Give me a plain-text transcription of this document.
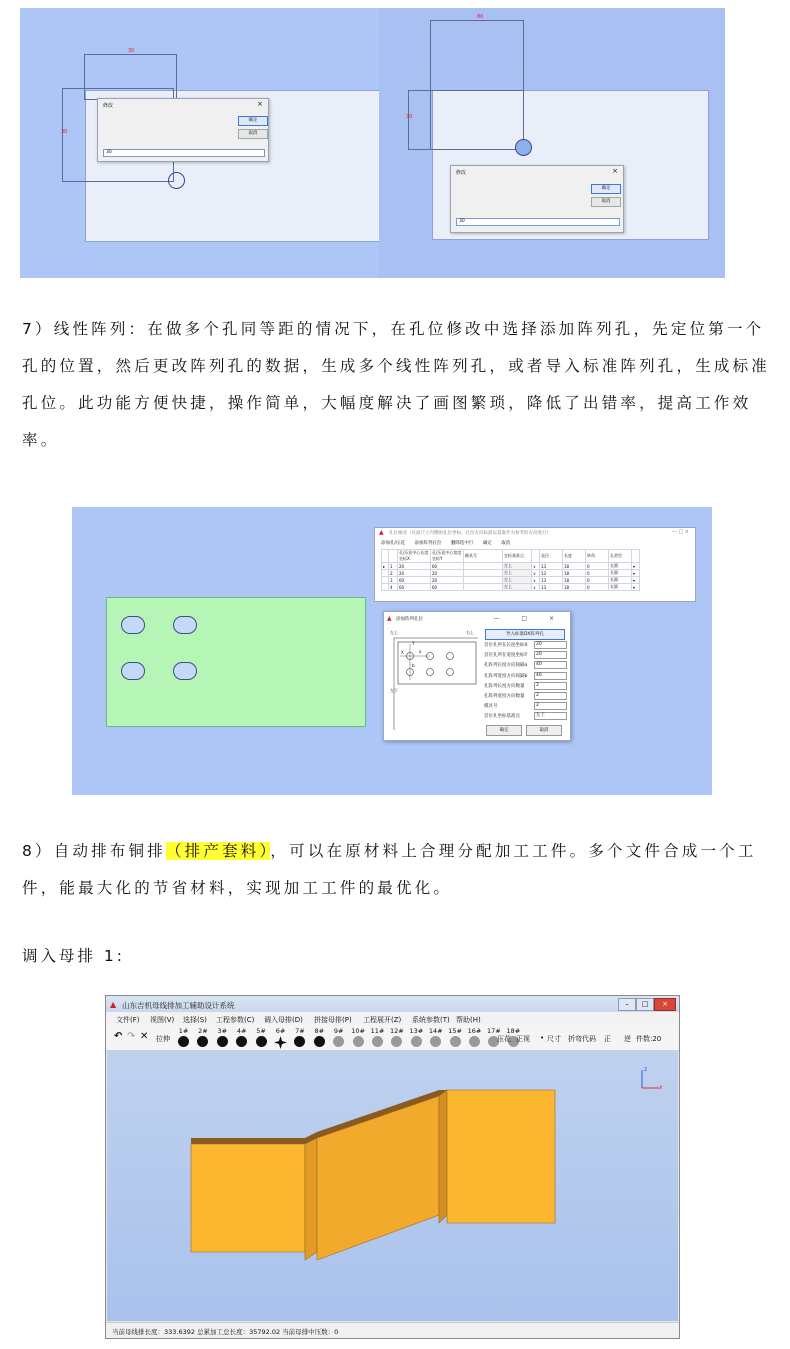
30
30
修改	×
确定
取消
30
80
30
修改	×
确定
取消
30
7）线性阵列：在做多个孔同等距的情况下，在孔位修改中选择添加阵列孔，先定位第一个孔的位置，然后更改阵列孔的数据，生成多个线性阵列孔，或者导入标准阵列孔，生成标准孔位。此功能方便快捷，操作简单，大幅度解决了画图繁琐，降低了出错率，提高工作效率。
▲ 孔位修改（页面尺寸内侧的孔位坐标，孔位方向标准以基准作为参考的方向进行）	— □ ×
添加孔/压花 添加阵列孔位 删除选中行 确定 取消
		孔/压花中心长度坐标X	孔/压花中心宽度坐标Y	模具号	坐标基准点		直径	长度	转角	孔类型	
▸	1	20	60		左上	∨	13	18	0	长圆	▾
	2	20	20		左上	∨	13	18	0	长圆	▾
	3	60	20		左上	∨	13	18	0	长圆	▾
	4	60	60		左上	∨	13	18	0	长圆	▾
▲ 添加阵列孔位	— □ ×
左上	右上
左下
Y
a
b
X
导入标准DX阵列孔
首位孔所在长度坐标X	20
首位孔所在宽度坐标Y	20
孔阵列长度方向间隔a	40
孔阵列宽度方向间隔b	40
孔阵列长度方向数量	2
孔阵列宽度方向数量	2
模具号	2
首位孔坐标基准点	左上
确定	取消
8）自动排布铜排（排产套料），可以在原材料上合理分配加工工件。多个文件合成一个工件，能最大化的节省材料，实现加工工件的最优化。
调入母排 1:
▲ 山东吉机母线排加工辅助设计系统	–	□	×
文件(F) 视图(V) 选择(S) 工程参数(C) 调入母排(D) 拼接母排(P) 工程展开(Z) 系统参数(T) 帮助(H)
↶ ↷ ✕ 拉伸
1#	2#	3#	4#	5#	6#	7#	8#	9#	10# 11# 12# 13# 14# 15# 16# 17# 18#
压花 正视 • 尺寸 折弯代码 正 逆 件数:20
z
x
当前母线排长度：333.6392 总累加工总长度：35792.02 当前母排中压数：0
